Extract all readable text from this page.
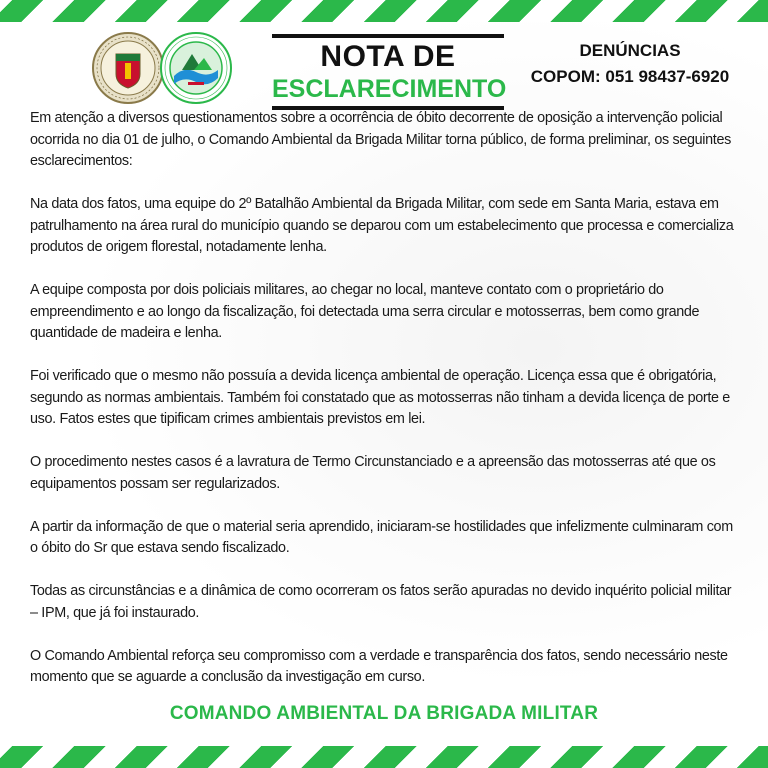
NOTA DE
ESCLARECIMENTO
DENÚNCIAS
COPOM: 051 98437-6920

Em atenção a diversos questionamentos sobre a ocorrência de óbito decorrente de oposição a intervenção policial ocorrida no dia 01 de julho, o Comando Ambiental da Brigada Militar torna público, de forma preliminar, os seguintes esclarecimentos:

Na data dos fatos, uma equipe do 2º Batalhão Ambiental da Brigada Militar, com sede em Santa Maria, estava em patrulhamento na área rural do município quando se deparou com um estabelecimento que processa e comercializa produtos de origem florestal, notadamente lenha.

A equipe composta por dois policiais militares, ao chegar no local, manteve contato com o proprietário do empreendimento e ao longo da fiscalização, foi detectada uma serra circular e motosserras, bem como grande quantidade de madeira e lenha.

Foi verificado que o mesmo não possuía a devida licença ambiental de operação. Licença essa que é obrigatória, segundo as normas ambientais. Também foi constatado que as motosserras não tinham a devida licença de porte e uso. Fatos estes que tipificam crimes ambientais previstos em lei.

O procedimento nestes casos é a lavratura de Termo Circunstanciado e a apreensão das motosserras até que os equipamentos possam ser regularizados.

A partir da informação de que o material seria aprendido, iniciaram-se hostilidades que infelizmente culminaram com o óbito do Sr que estava sendo fiscalizado.

Todas as circunstâncias e a dinâmica de como ocorreram os fatos serão apuradas no devido inquérito policial militar – IPM, que já foi instaurado.

O Comando Ambiental reforça seu compromisso com a verdade e transparência dos fatos, sendo necessário neste momento que se aguarde a conclusão da investigação em curso.

COMANDO AMBIENTAL DA BRIGADA MILITAR
